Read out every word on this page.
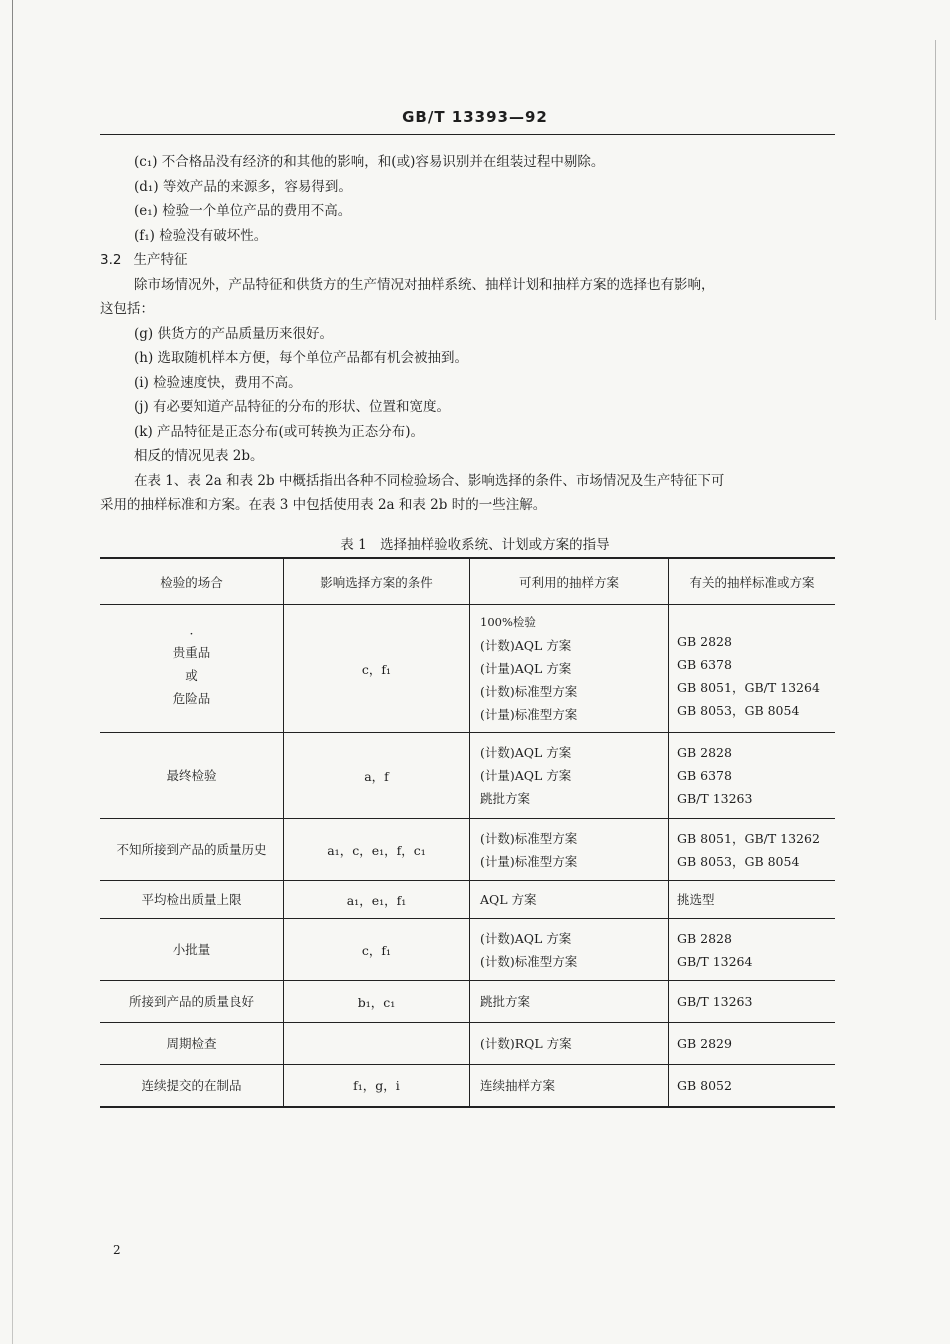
GB/T 13393—92

(c₁) 不合格品没有经济的和其他的影响，和(或)容易识别并在组装过程中剔除。

(d₁) 等效产品的来源多，容易得到。

(e₁) 检验一个单位产品的费用不高。

(f₁) 检验没有破坏性。

3.2 生产特征

除市场情况外，产品特征和供货方的生产情况对抽样系统、抽样计划和抽样方案的选择也有影响，

这包括：

(g) 供货方的产品质量历来很好。

(h) 选取随机样本方便，每个单位产品都有机会被抽到。

(i) 检验速度快，费用不高。

(j) 有必要知道产品特征的分布的形状、位置和宽度。

(k) 产品特征是正态分布(或可转换为正态分布)。

相反的情况见表 2b。

在表 1、表 2a 和表 2b 中概括指出各种不同检验场合、影响选择的条件、市场情况及生产特征下可

采用的抽样标准和方案。在表 3 中包括使用表 2a 和表 2b 时的一些注解。

表 1　选择抽样验收系统、计划或方案的指导
检验的场合	影响选择方案的条件	可利用的抽样方案	有关的抽样标准或方案

·
贵重品
或
危险品	c，f₁	100%检验
(计数)AQL 方案
(计量)AQL 方案
(计数)标准型方案
(计量)标准型方案	GB 2828
GB 6378
GB 8051，GB/T 13264
GB 8053，GB 8054

最终检验	a，f	(计数)AQL 方案
(计量)AQL 方案
跳批方案	GB 2828
GB 6378
GB/T 13263

不知所接到产品的质量历史	a₁，c，e₁，f，c₁	(计数)标准型方案
(计量)标准型方案	GB 8051，GB/T 13262
GB 8053，GB 8054

平均检出质量上限	a₁，e₁，f₁	AQL 方案	挑选型

小批量	c，f₁	(计数)AQL 方案
(计数)标准型方案	GB 2828
GB/T 13264

所接到产品的质量良好	b₁，c₁	跳批方案	GB/T 13263

周期检查		(计数)RQL 方案	GB 2829

连续提交的在制品	f₁，g，i	连续抽样方案	GB 8052
2
